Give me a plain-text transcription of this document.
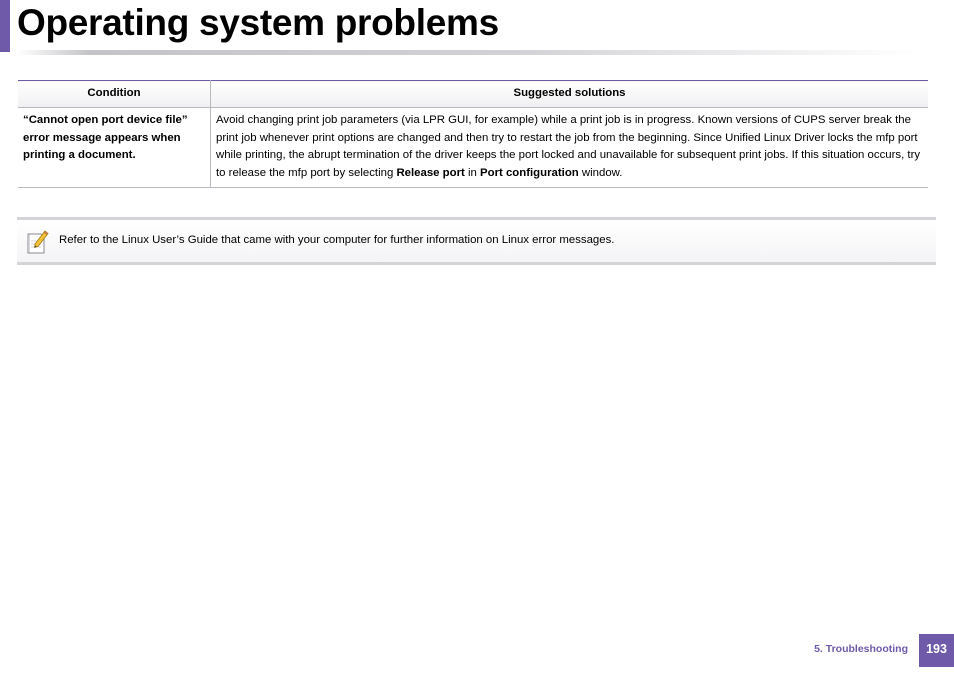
Operating system problems
Condition	Suggested solutions
“Cannot open port device file” error message appears when printing a document.	Avoid changing print job parameters (via LPR GUI, for example) while a print job is in progress. Known versions of CUPS server break the print job whenever print options are changed and then try to restart the job from the beginning. Since Unified Linux Driver locks the mfp port while printing, the abrupt termination of the driver keeps the port locked and unavailable for subsequent print jobs. If this situation occurs, try to release the mfp port by selecting Release port in Port configuration window.
Refer to the Linux User’s Guide that came with your computer for further information on Linux error messages.
5. Troubleshooting	193
